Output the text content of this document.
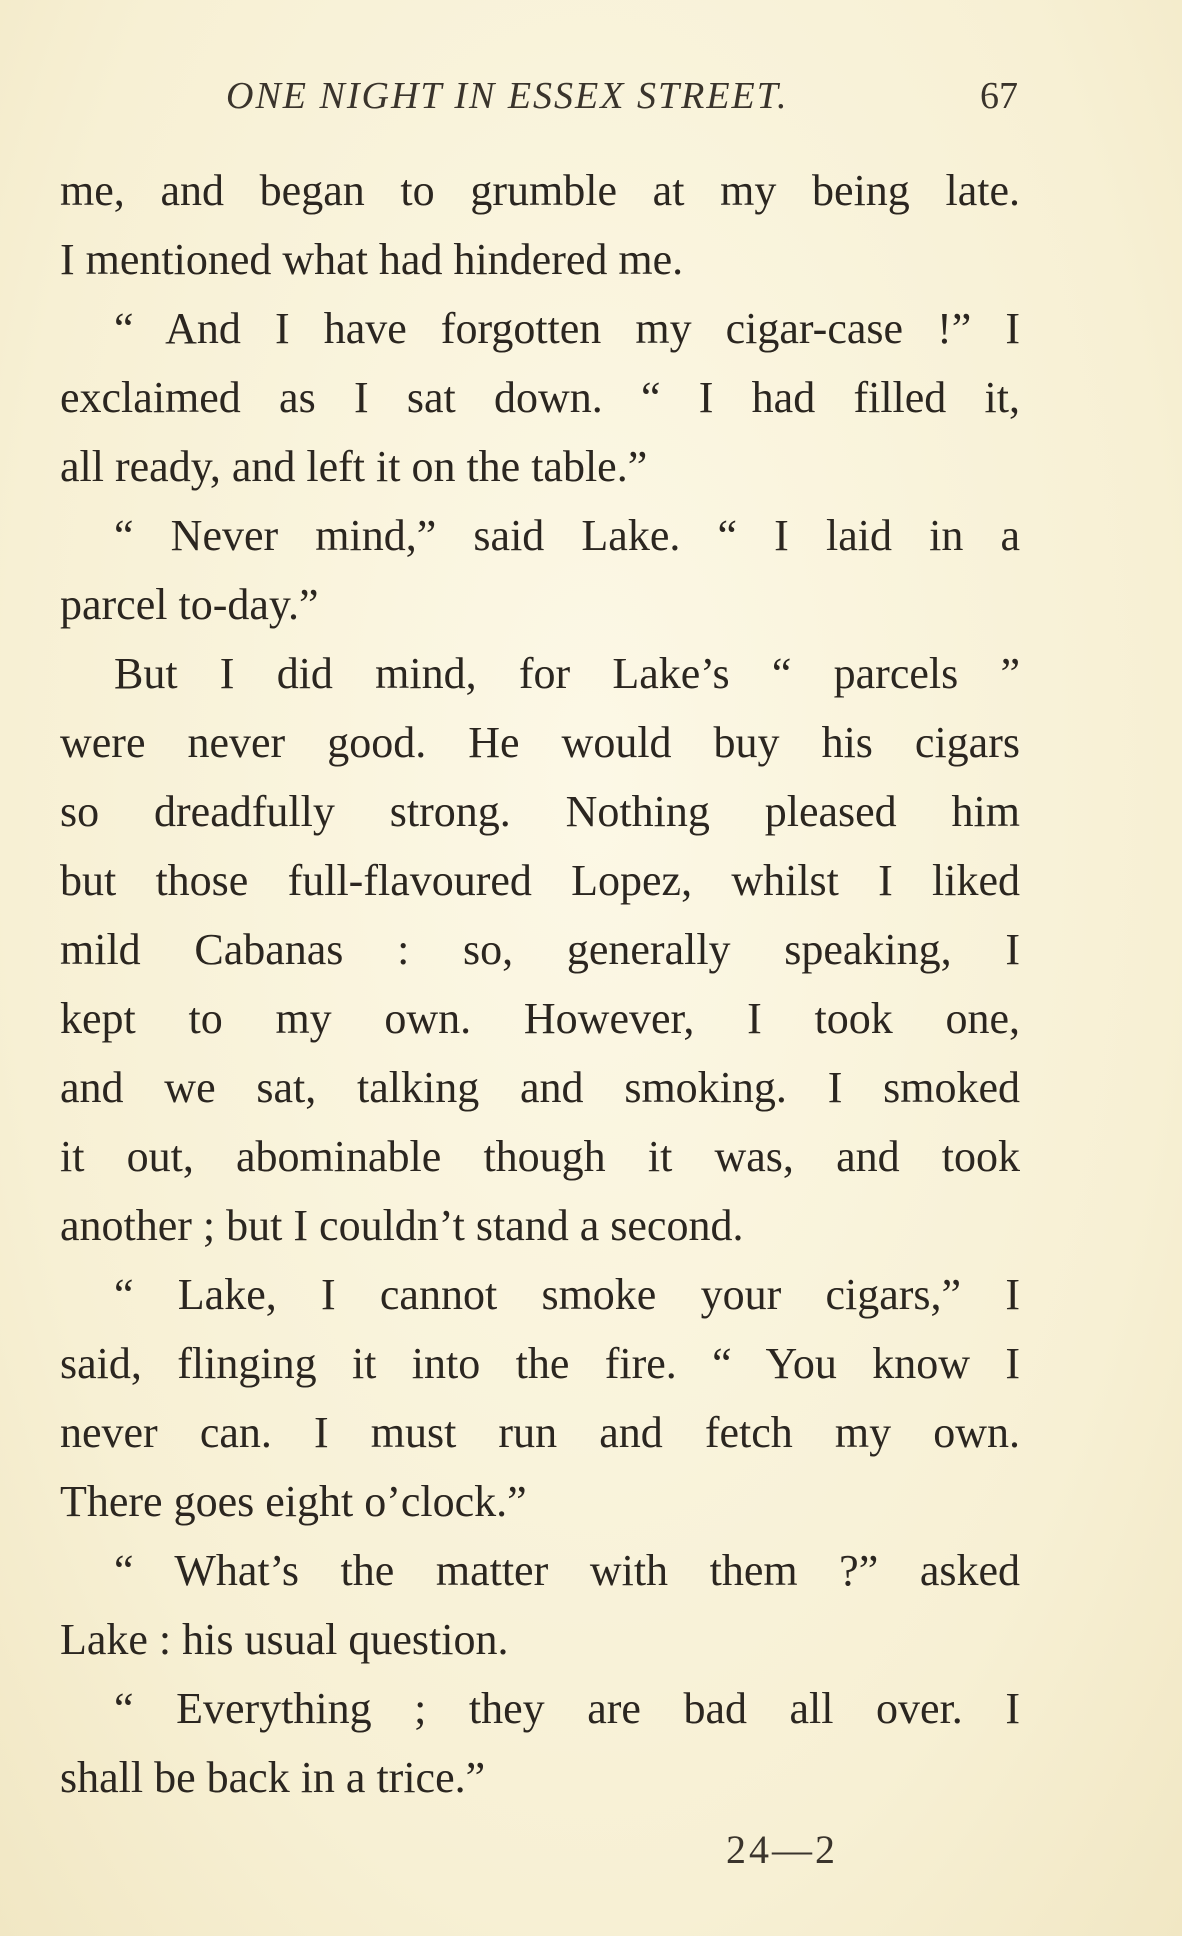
ONE NIGHT IN ESSEX STREET.	67
me, and began to grumble at my being late.
I mentioned what had hindered me.
“ And I have forgotten my cigar-case !” I
exclaimed as I sat down. “ I had filled it,
all ready, and left it on the table.”
“ Never mind,” said Lake. “ I laid in a
parcel to-day.”
But I did mind, for Lake’s “ parcels ”
were never good. He would buy his cigars
so dreadfully strong. Nothing pleased him
but those full-flavoured Lopez, whilst I liked
mild Cabanas : so, generally speaking, I
kept to my own. However, I took one,
and we sat, talking and smoking. I smoked
it out, abominable though it was, and took
another ; but I couldn’t stand a second.
“ Lake, I cannot smoke your cigars,” I
said, flinging it into the fire. “ You know I
never can. I must run and fetch my own.
There goes eight o’clock.”
“ What’s the matter with them ?” asked
Lake : his usual question.
“ Everything ; they are bad all over. I
shall be back in a trice.”
24—2
